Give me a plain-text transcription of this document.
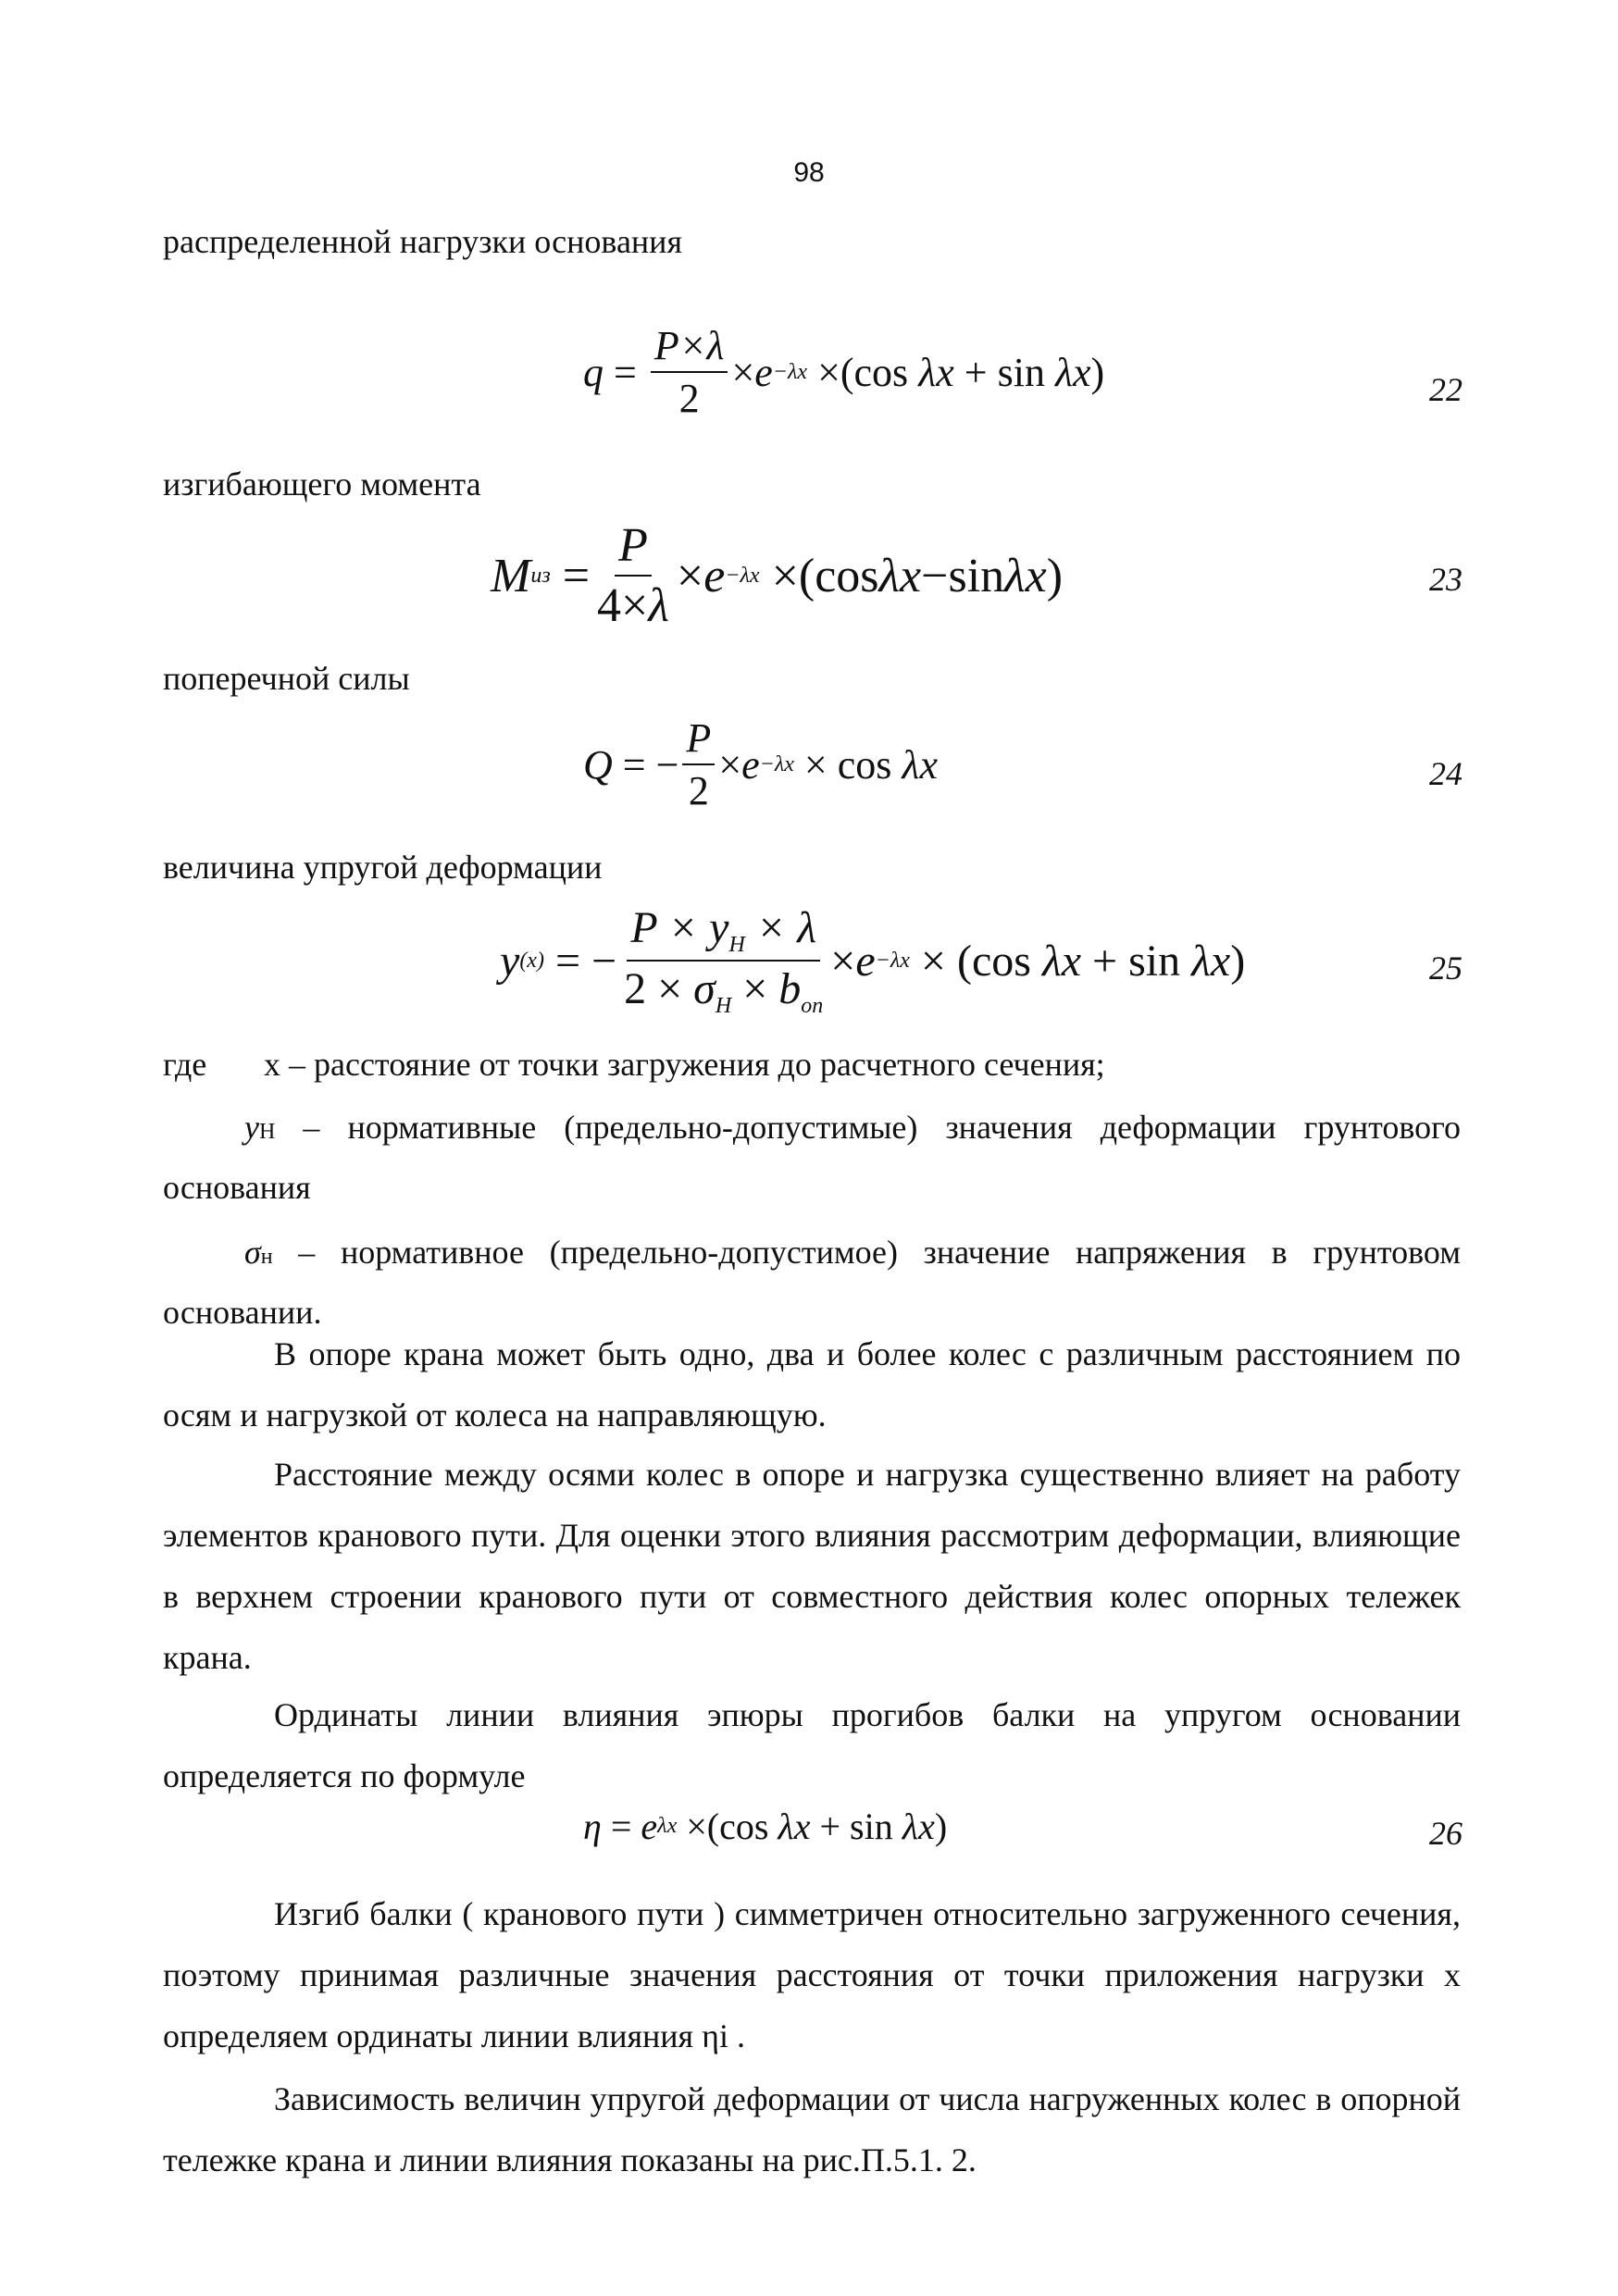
98
распределенной нагрузки основания
$q = \frac{P\times\lambda}{2} \times e -\lambda x \times(\cos$ λx + sin λx )	22
изгибающего момента
M из = $\frac{P}{4\times\lambda} \times e -\lambda x \times(\cos$ λx −sin λx )	23
поперечной силы
Q = − $\frac{P}{2} \times e -\lambda x \times \cos \lambda x$	24
величина упругой деформации
y (x) = − $\frac{P \times y_H \times \lambda}{2 \times \sigma_H \times b_{оп}} \times e -\lambda x \times (\cos$ λx + sin λx )	25
где x – расстояние от точки загружения до расчетного сечения;
yН – нормативные (предельно-допустимые) значения деформации грунтового основания
σн – нормативное (предельно-допустимое) значение напряжения в грунтовом основании.
В опоре крана может быть одно, два и более колес с различным расстоянием по осям и нагрузкой от колеса на направляющую.
Расстояние между осями колес в опоре и нагрузка существенно влияет на работу элементов кранового пути. Для оценки этого влияния рассмотрим деформации, влияющие в верхнем строении кранового пути от совместного действия колес опорных тележек крана.
Ординаты линии влияния эпюры прогибов балки на упругом основании определяется по формуле
η = e λx ×(cos λx + sin λx )	26
Изгиб балки ( кранового пути ) симметричен относительно загруженного сечения, поэтому принимая различные значения расстояния от точки приложения нагрузки x определяем ординаты линии влияния ηi .
Зависимость величин упругой деформации от числа нагруженных колес в опорной тележке крана и линии влияния показаны на рис.П.5.1. 2.
